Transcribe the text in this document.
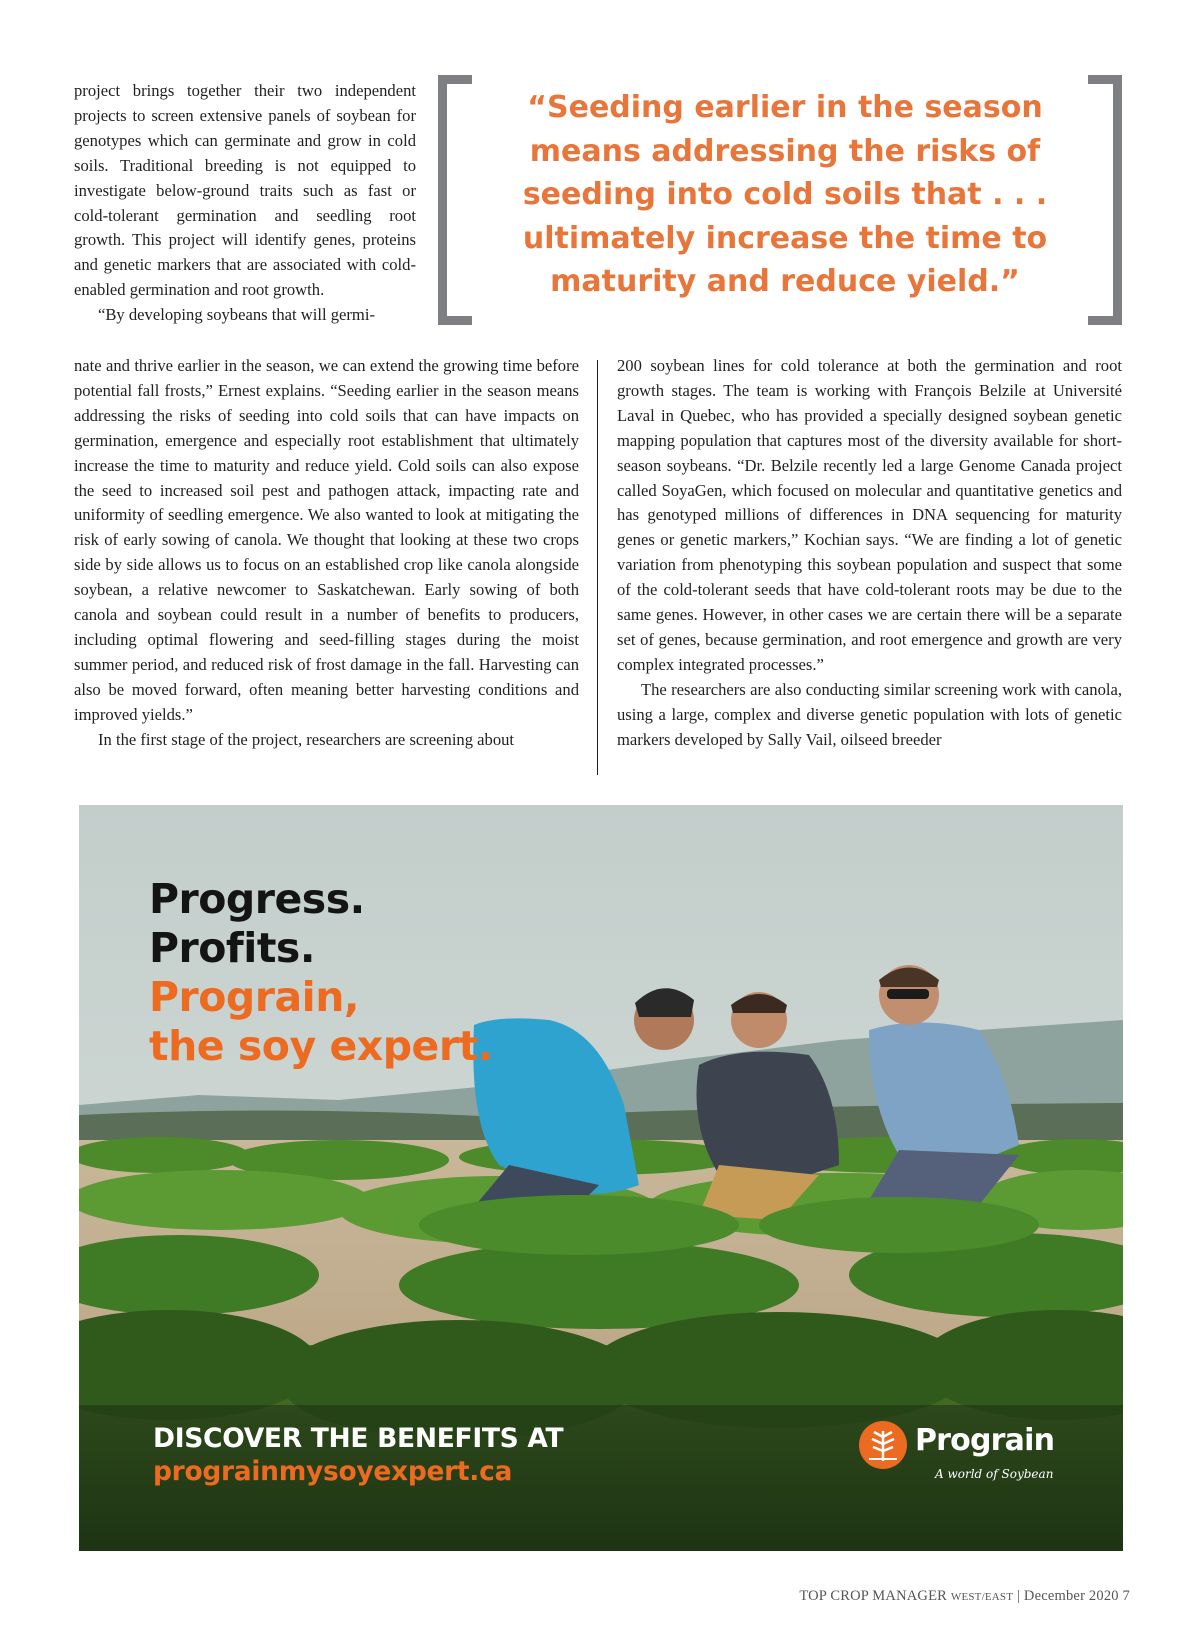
project brings together their two independent projects to screen extensive panels of soybean for genotypes which can germinate and grow in cold soils. Traditional breeding is not equipped to investigate below-ground traits such as fast or cold-tolerant germination and seedling root growth. This project will identify genes, proteins and genetic markers that are associated with cold-enabled germination and root growth.

“By developing soybeans that will germi-

“Seeding earlier in the season means addressing the risks of seeding into cold soils that . . . ultimately increase the time to maturity and reduce yield.”

nate and thrive earlier in the season, we can extend the growing time before potential fall frosts,” Ernest explains. “Seeding earlier in the season means addressing the risks of seeding into cold soils that can have impacts on germination, emergence and especially root establishment that ultimately increase the time to maturity and reduce yield. Cold soils can also expose the seed to increased soil pest and pathogen attack, impacting rate and uniformity of seedling emergence. We also wanted to look at mitigating the risk of early sowing of canola. We thought that looking at these two crops side by side allows us to focus on an established crop like canola alongside soybean, a relative newcomer to Saskatchewan. Early sowing of both canola and soybean could result in a number of benefits to producers, including optimal flowering and seed-filling stages during the moist summer period, and reduced risk of frost damage in the fall. Harvesting can also be moved forward, often meaning better harvesting conditions and improved yields.”

In the first stage of the project, researchers are screening about

200 soybean lines for cold tolerance at both the germination and root growth stages. The team is working with François Belzile at Université Laval in Quebec, who has provided a specially designed soybean genetic mapping population that captures most of the diversity available for short-season soybeans. “Dr. Belzile recently led a large Genome Canada project called SoyaGen, which focused on molecular and quantitative genetics and has genotyped millions of differences in DNA sequencing for maturity genes or genetic markers,” Kochian says. “We are finding a lot of genetic variation from phenotyping this soybean population and suspect that some of the cold-tolerant seeds that have cold-tolerant roots may be due to the same genes. However, in other cases we are certain there will be a separate set of genes, because germination, and root emergence and growth are very complex integrated processes.”

The researchers are also conducting similar screening work with canola, using a large, complex and diverse genetic population with lots of genetic markers developed by Sally Vail, oilseed breeder

Progress.
Profits.
Prograin,
the soy expert.
DISCOVER THE BENEFITS AT
prograinmysoyexpert.ca
Prograin
A world of Soybean
TOP CROP MANAGER WEST/EAST | December 2020 7
